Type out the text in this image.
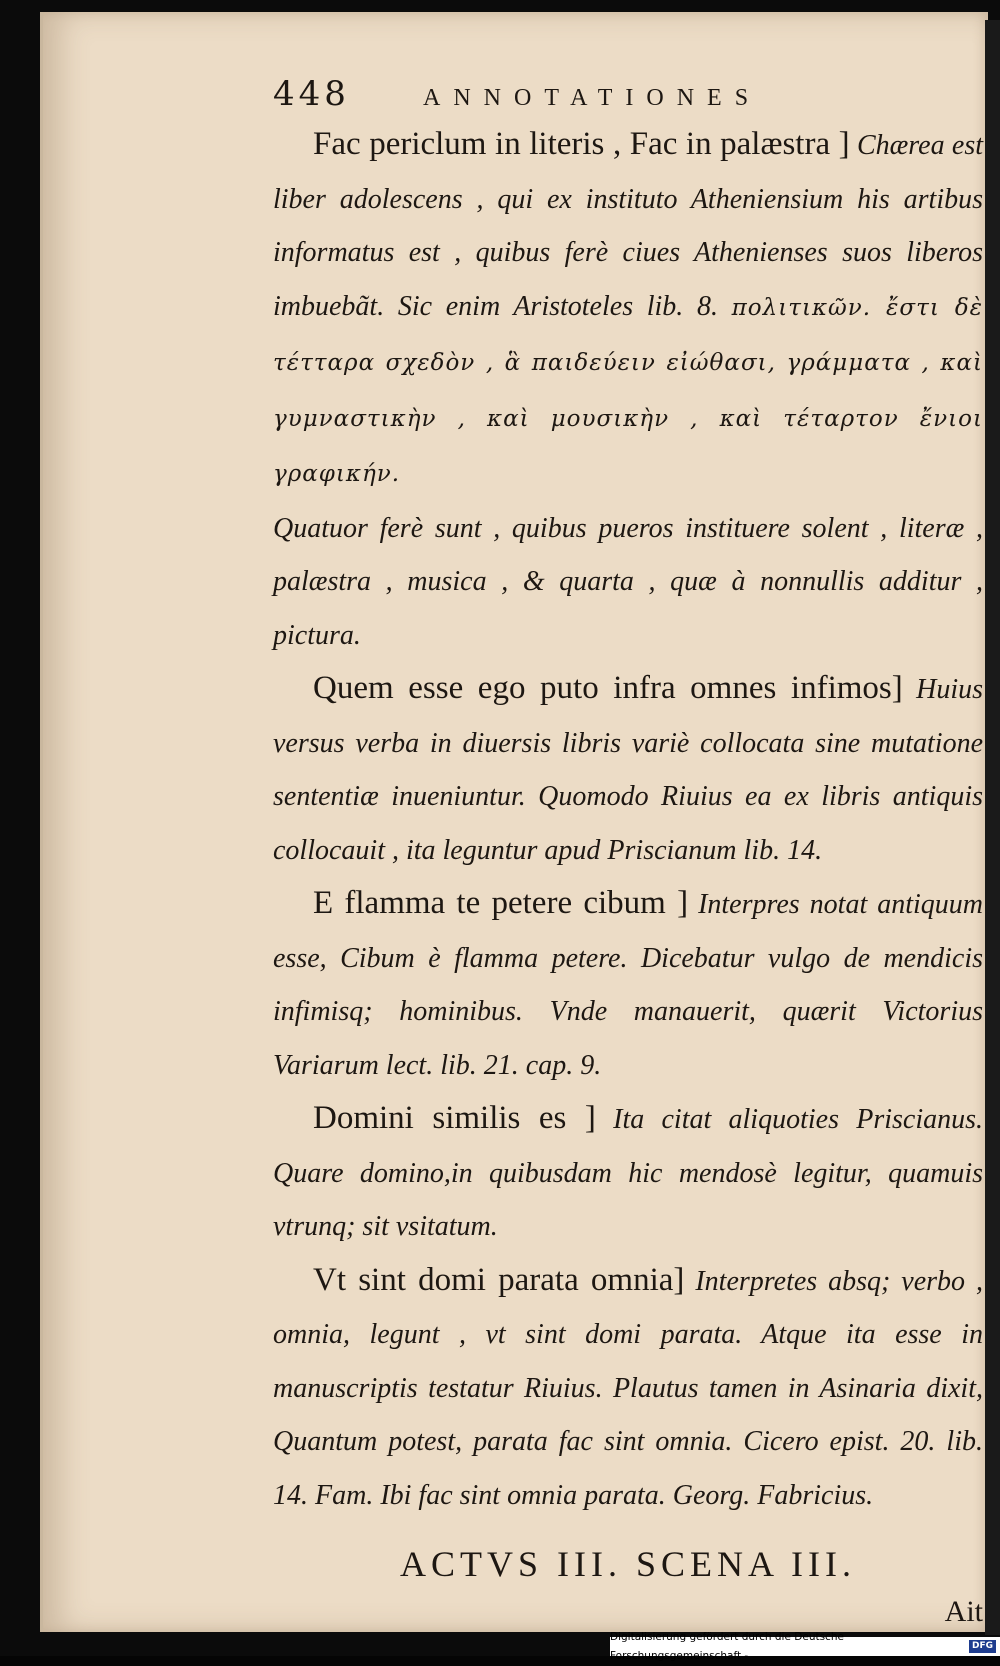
448	ANNOTATIONES

Fac periclum in literis , Fac in palæstra ] Chærea est liber adolescens , qui ex instituto Atheniensium his artibus informatus est , quibus ferè ciues Athenienses suos liberos imbuebãt. Sic enim Aristoteles lib. 8. πολιτικῶν. ἔστι δὲ τέτταρα σχεδὸν , ἃ παιδεύειν εἰώθασι, γράμματα , καὶ γυμναστικὴν , καὶ μουσικὴν , καὶ τέταρτον ἔνιοι γραφικήν.

Quatuor ferè sunt , quibus pueros instituere solent , literæ , palæstra , musica , & quarta , quæ à nonnullis additur , pictura.

Quem esse ego puto infra omnes infimos] Huius versus verba in diuersis libris variè collocata sine mutatione sententiæ inueniuntur. Quomodo Riuius ea ex libris antiquis collocauit , ita leguntur apud Priscianum lib. 14.

E flamma te petere cibum ] Interpres notat antiquum esse, Cibum è flamma petere. Dicebatur vulgo de mendicis infimisq; hominibus. Vnde manauerit, quærit Victorius Variarum lect. lib. 21. cap. 9.

Domini similis es ] Ita citat aliquoties Priscianus. Quare domino,in quibusdam hic mendosè legitur, quamuis vtrunq; sit vsitatum.

Vt sint domi parata omnia] Interpretes absq; verbo , omnia, legunt , vt sint domi parata. Atque ita esse in manuscriptis testatur Riuius. Plautus tamen in Asinaria dixit, Quantum potest, parata fac sint omnia. Cicero epist. 20. lib. 14. Fam. Ibi fac sint omnia parata. Georg. Fabricius.

ACTVS III. SCENA III.
Ait
Digitalisierung gefördert durch die Deutsche Forschungsgemeinschaft -
DFG
